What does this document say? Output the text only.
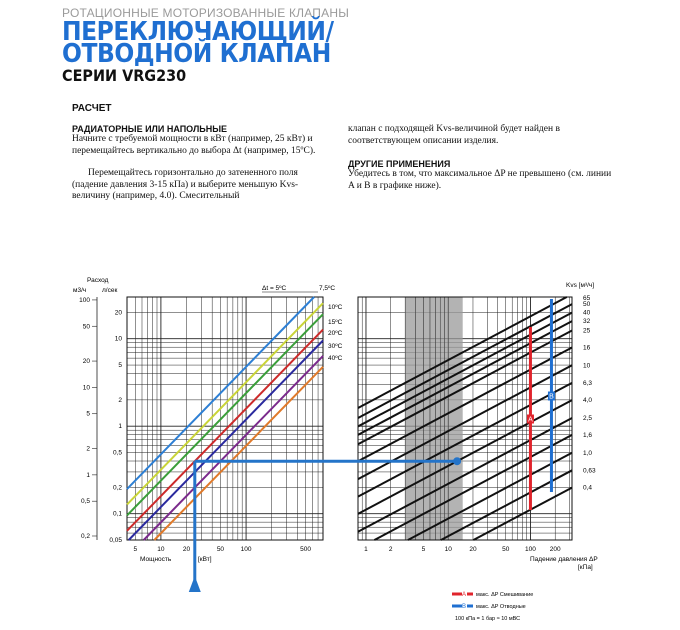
РОТАЦИОННЫЕ МОТОРИЗОВАННЫЕ КЛАПАНЫ
ПЕРЕКЛЮЧАЮЩИЙ/
ОТВОДНОЙ КЛАПАН
СЕРИИ VRG230
РАСЧЕТ
РАДИАТОРНЫЕ ИЛИ НАПОЛЬНЫЕ

Начните с требуемой мощности в кВт (например, 25 кВт) и перемещайтесь вертикально до выбора Δt (например, 15ºC).

Перемещайтесь горизонтально до затененного поля (падение давления 3-15 кПа) и выберите меньшую Kvs-величину (например, 4.0). Смесительный

клапан с подходящей Kvs-величиной будет найден в соответствующем описании изделия.
ДРУГИЕ ПРИМЕНЕНИЯ
Убедитесь в том, что максимальное ΔP не превышено (см. линии A и B в графике ниже).
Расход
м3/ч л/сек
100
50
20
10
5
2
1
0,5
0,2
20
10
5
2
1
0,5
0,2
0,1
0,05
5	10	20	50	100	500
Мощность	[кВт]
Δt = 5ºC	7,5ºC
10ºC
15ºC
20ºC
30ºC
40ºC
1	2	5	10	20	50 100 200
Падение давления ΔP
[кПа]
Kvs [м³/ч]
65
50
40
32
25
16
10
6,3
4,0
2,5
1,6
1,0
0,63
0,4
A
B
A макс. ΔP Смешивание
B макс. ΔP Отводные
100 кПа = 1 бар ≈ 10 мВС
